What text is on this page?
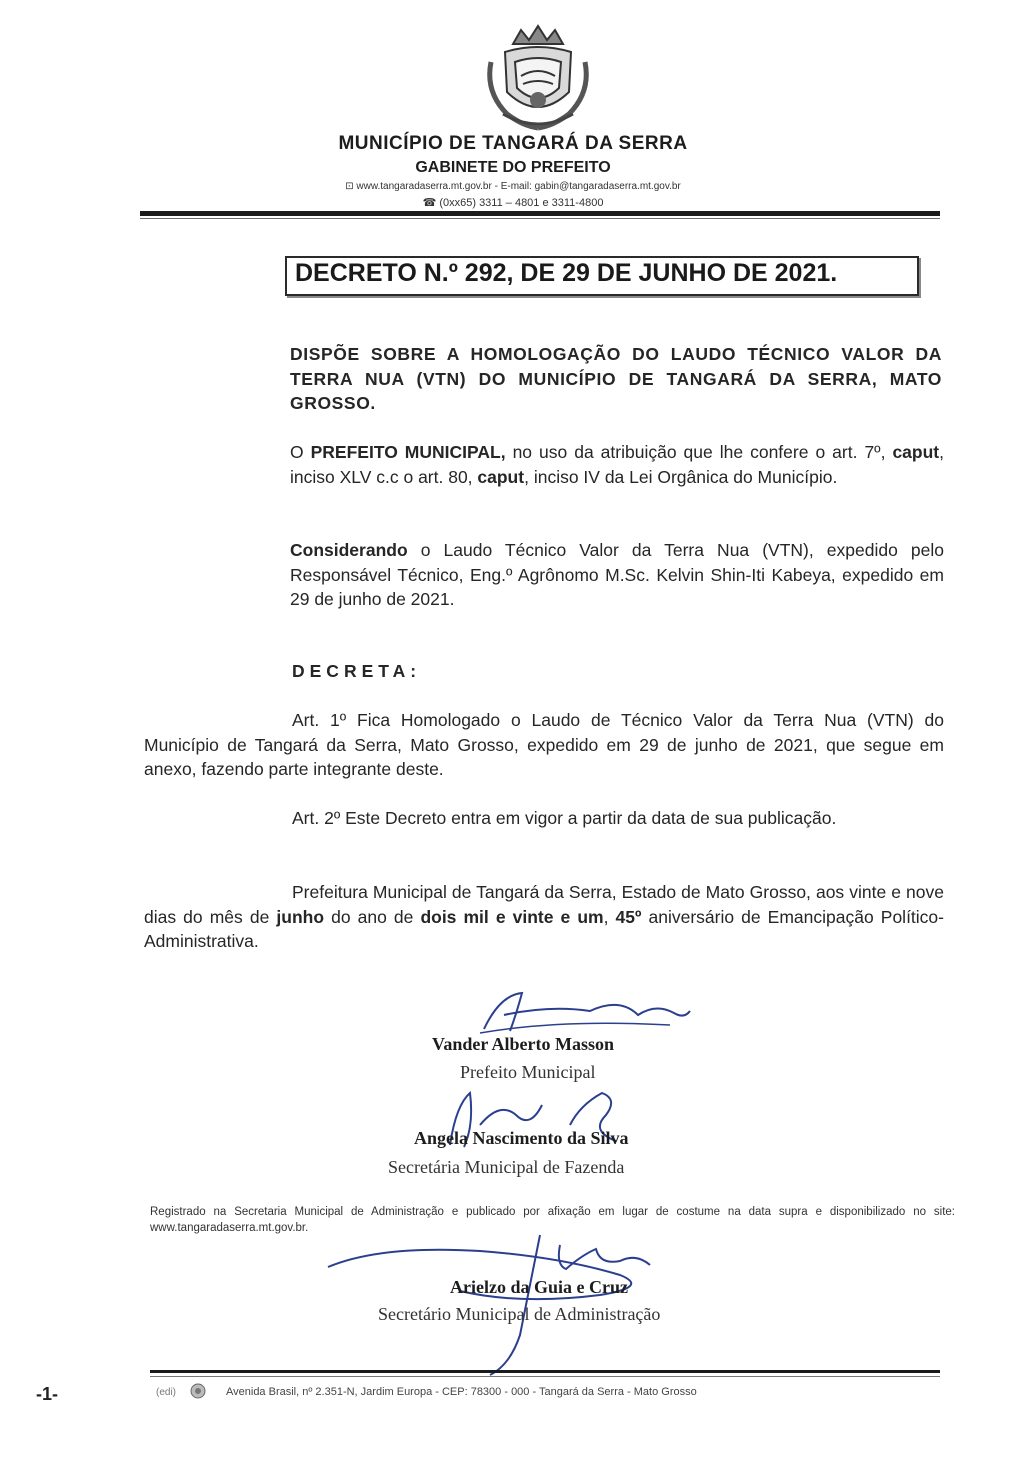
MUNICÍPIO DE TANGARÁ DA SERRA
GABINETE DO PREFEITO
⊡ www.tangaradaserra.mt.gov.br - E-mail: gabin@tangaradaserra.mt.gov.br
☎ (0xx65) 3311 – 4801 e 3311-4800
DECRETO N.º 292, DE 29 DE JUNHO DE 2021.
DISPÕE SOBRE A HOMOLOGAÇÃO DO LAUDO TÉCNICO VALOR DA TERRA NUA (VTN) DO MUNICÍPIO DE TANGARÁ DA SERRA, MATO GROSSO.
O PREFEITO MUNICIPAL, no uso da atribuição que lhe confere o art. 7º, caput, inciso XLV c.c o art. 80, caput, inciso IV da Lei Orgânica do Município.
Considerando o Laudo Técnico Valor da Terra Nua (VTN), expedido pelo Responsável Técnico, Eng.º Agrônomo M.Sc. Kelvin Shin-Iti Kabeya, expedido em 29 de junho de 2021.
DECRETA:
Art. 1º Fica Homologado o Laudo de Técnico Valor da Terra Nua (VTN) do Município de Tangará da Serra, Mato Grosso, expedido em 29 de junho de 2021, que segue em anexo, fazendo parte integrante deste.
Art. 2º Este Decreto entra em vigor a partir da data de sua publicação.
Prefeitura Municipal de Tangará da Serra, Estado de Mato Grosso, aos vinte e nove dias do mês de junho do ano de dois mil e vinte e um, 45º aniversário de Emancipação Político-Administrativa.
Vander Alberto Masson
Prefeito Municipal
Angela Nascimento da Silva
Secretária Municipal de Fazenda
Registrado na Secretaria Municipal de Administração e publicado por afixação em lugar de costume na data supra e disponibilizado no site: www.tangaradaserra.mt.gov.br.
Arielzo da Guia e Cruz
Secretário Municipal de Administração
-1-	(edi)	Avenida Brasil, nº 2.351-N, Jardim Europa - CEP: 78300 - 000 - Tangará da Serra - Mato Grosso
